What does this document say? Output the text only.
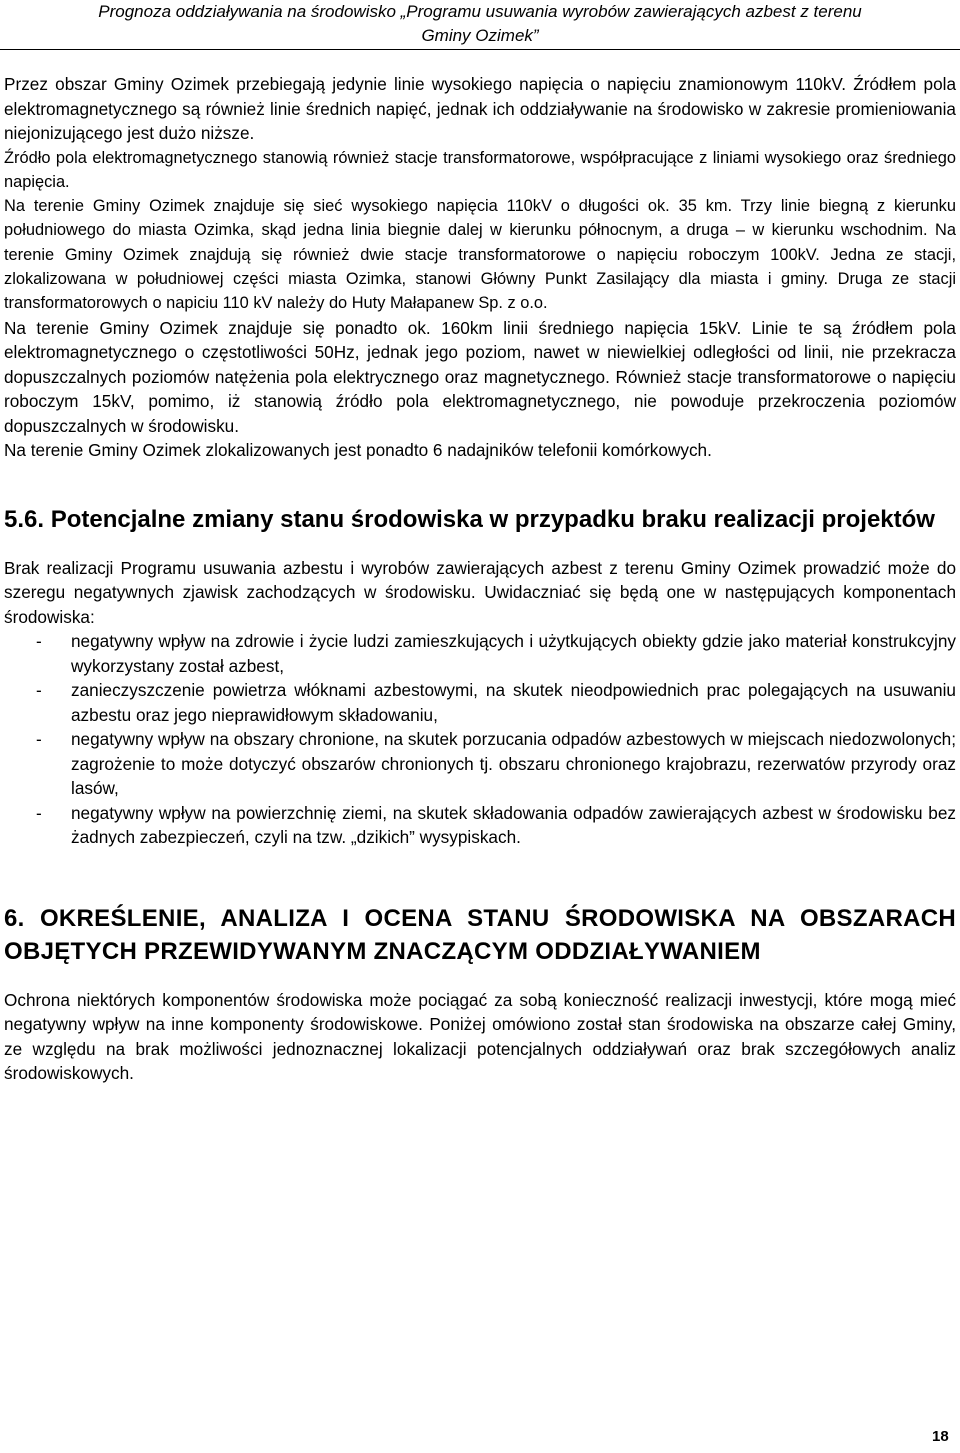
Prognoza oddziaływania na środowisko „Programu usuwania wyrobów zawierających azbest z terenu
Gminy Ozimek”

Przez obszar Gminy Ozimek przebiegają jedynie linie wysokiego napięcia o napięciu znamionowym 110kV. Źródłem pola elektromagnetycznego są również linie średnich napięć, jednak ich oddziaływanie na środowisko w zakresie promieniowania niejonizującego jest dużo niższe.

Źródło pola elektromagnetycznego stanowią również stacje transformatorowe, współpracujące z liniami wysokiego oraz średniego napięcia.

Na terenie Gminy Ozimek znajduje się sieć wysokiego napięcia 110kV o długości ok. 35 km. Trzy linie biegną z kierunku południowego do miasta Ozimka, skąd jedna linia biegnie dalej w kierunku północnym, a druga – w kierunku wschodnim. Na terenie Gminy Ozimek znajdują się również dwie stacje transformatorowe o napięciu roboczym 100kV. Jedna ze stacji, zlokalizowana w południowej części miasta Ozimka, stanowi Główny Punkt Zasilający dla miasta i gminy. Druga ze stacji transformatorowych o napiciu 110 kV należy do Huty Małapanew Sp. z o.o.

Na terenie Gminy Ozimek znajduje się ponadto ok. 160km linii średniego napięcia 15kV. Linie te są źródłem pola elektromagnetycznego o częstotliwości 50Hz, jednak jego poziom, nawet w niewielkiej odległości od linii, nie przekracza dopuszczalnych poziomów natężenia pola elektrycznego oraz magnetycznego. Również stacje transformatorowe o napięciu roboczym 15kV, pomimo, iż stanowią źródło pola elektromagnetycznego, nie powoduje przekroczenia poziomów dopuszczalnych w środowisku.

Na terenie Gminy Ozimek zlokalizowanych jest ponadto 6 nadajników telefonii komórkowych.

5.6. Potencjalne zmiany stanu środowiska w przypadku braku realizacji projektów

Brak realizacji Programu usuwania azbestu i wyrobów zawierających azbest z terenu Gminy Ozimek prowadzić może do szeregu negatywnych zjawisk zachodzących w środowisku. Uwidaczniać się będą one w następujących komponentach środowiska:

- negatywny wpływ na zdrowie i życie ludzi zamieszkujących i użytkujących obiekty gdzie jako materiał konstrukcyjny wykorzystany został azbest,
- zanieczyszczenie powietrza włóknami azbestowymi, na skutek nieodpowiednich prac polegających na usuwaniu azbestu oraz jego nieprawidłowym składowaniu,
- negatywny wpływ na obszary chronione, na skutek porzucania odpadów azbestowych w miejscach niedozwolonych; zagrożenie to może dotyczyć obszarów chronionych tj. obszaru chronionego krajobrazu, rezerwatów przyrody oraz lasów,
- negatywny wpływ na powierzchnię ziemi, na skutek składowania odpadów zawierających azbest w środowisku bez żadnych zabezpieczeń, czyli na tzw. „dzikich” wysypiskach.
6. OKREŚLENIE, ANALIZA I OCENA STANU ŚRODOWISKA NA OBSZARACH OBJĘTYCH PRZEWIDYWANYM ZNACZĄCYM ODDZIAŁYWANIEM

Ochrona niektórych komponentów środowiska może pociągać za sobą konieczność realizacji inwestycji, które mogą mieć negatywny wpływ na inne komponenty środowiskowe. Poniżej omówiono został stan środowiska na obszarze całej Gminy, ze względu na brak możliwości jednoznacznej lokalizacji potencjalnych oddziaływań oraz brak szczegółowych analiz środowiskowych.

18
